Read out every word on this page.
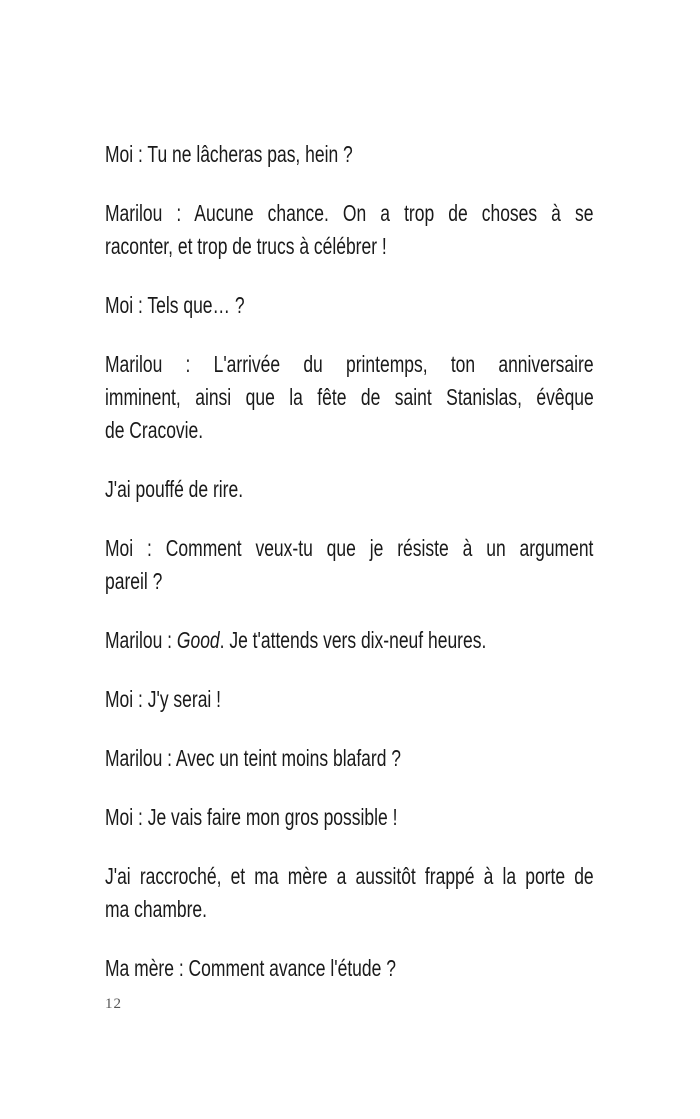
Moi : Tu ne lâcheras pas, hein ?

Marilou : Aucune chance. On a trop de choses à se
raconter, et trop de trucs à célébrer !

Moi : Tels que… ?

Marilou : L'arrivée du printemps, ton anniversaire
imminent, ainsi que la fête de saint Stanislas, évêque
de Cracovie.

J'ai pouffé de rire.

Moi : Comment veux-tu que je résiste à un argument
pareil ?

Marilou : Good. Je t'attends vers dix-neuf heures.

Moi : J'y serai !

Marilou : Avec un teint moins blafard ?

Moi : Je vais faire mon gros possible !

J'ai raccroché, et ma mère a aussitôt frappé à la porte de
ma chambre.

Ma mère : Comment avance l'étude ?

12
